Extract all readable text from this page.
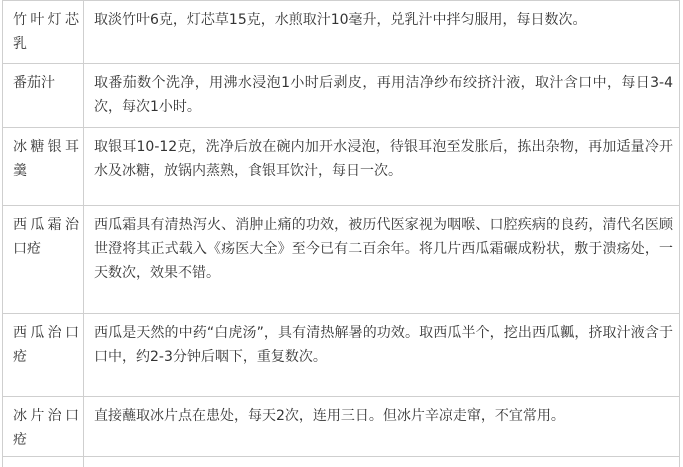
竹叶灯芯乳	取淡竹叶6克，灯芯草15克，水煎取汁10毫升，兑乳汁中拌匀服用，每日数次。

番茄汁	取番茄数个洗净，用沸水浸泡1小时后剥皮，再用洁净纱布绞挤汁液，取汁含口中，每日3-4次，每次1小时。

冰糖银耳羹	取银耳10-12克，洗净后放在碗内加开水浸泡，待银耳泡至发胀后，拣出杂物，再加适量冷开水及冰糖，放锅内蒸熟，食银耳饮汁，每日一次。

西瓜霜治口疮	西瓜霜具有清热泻火、消肿止痛的功效，被历代医家视为咽喉、口腔疾病的良药，清代名医顾世澄将其正式载入《疡医大全》至今已有二百余年。将几片西瓜霜碾成粉状，敷于溃疡处，一天数次，效果不错。

西瓜治口疮	西瓜是天然的中药“白虎汤”，具有清热解暑的功效。取西瓜半个，挖出西瓜瓤，挤取汁液含于口中，约2-3分钟后咽下，重复数次。

冰片治口疮	直接蘸取冰片点在患处，每天2次，连用三日。但冰片辛凉走窜，不宜常用。
